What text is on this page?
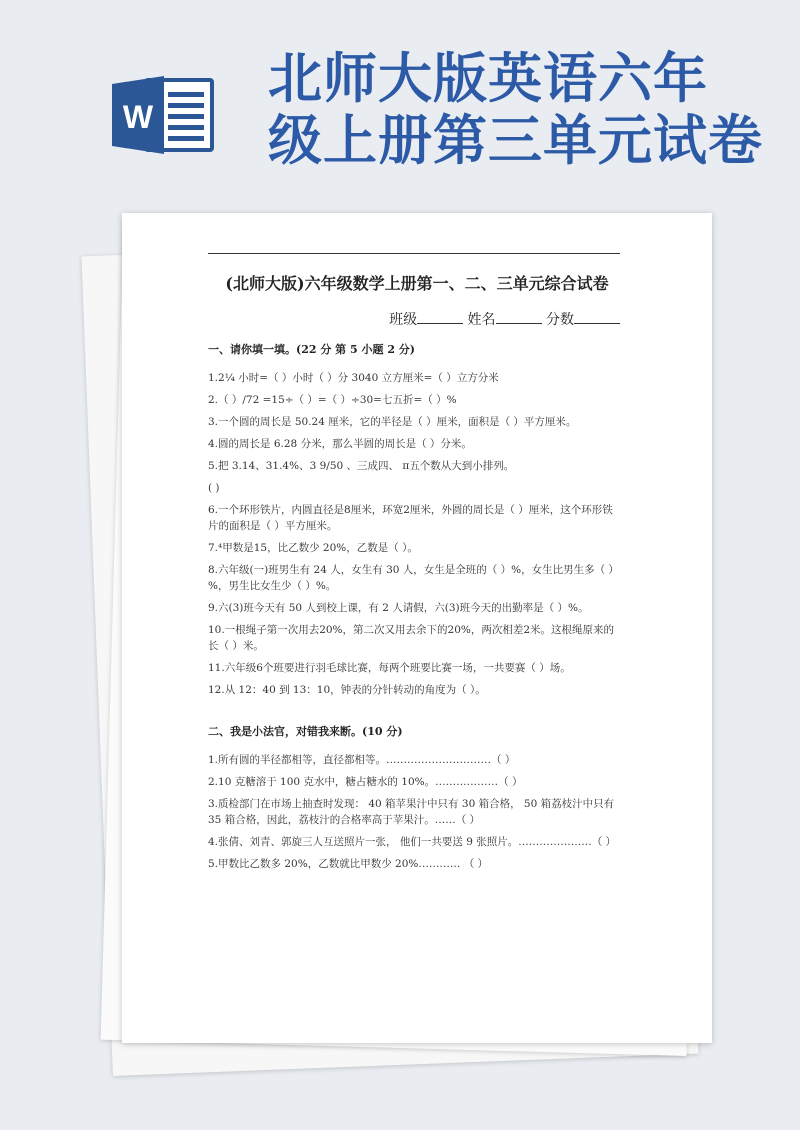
W
北师大版英语六年
级上册第三单元试卷
(北师大版)六年级数学上册第一、二、三单元综合试卷
班级	姓名	分数
一、请你填一填。(22 分 第 5 小题 2 分)

1.2¼ 小时=（ ）小时（ ）分 3040 立方厘米=（ ）立方分米

2.（ ）/72 =15÷（ ）=（ ）÷30=七五折=（ ）%

3.一个圆的周长是 50.24 厘米，它的半径是（ ）厘米，面积是（ ）平方厘米。

4.圆的周长是 6.28 分米，那么半圆的周长是（ ）分米。

5.把 3.14、31.4%、3 9/50 、三成四、 π五个数从大到小排列。

( )

6.一个环形铁片，内圆直径是8厘米，环宽2厘米，外圆的周长是（ ）厘米，这个环形铁片的面积是（ ）平方厘米。

7.⁴甲数是15，比乙数少 20%，乙数是（ ）。

8.六年级(一)班男生有 24 人，女生有 30 人，女生是全班的（ ）%，女生比男生多（ ）%，男生比女生少（ ）%。

9.六(3)班今天有 50 人到校上课，有 2 人请假，六(3)班今天的出勤率是（ ）%。

10.一根绳子第一次用去20%，第二次又用去余下的20%，两次相差2米。这根绳原来的长（ ）米。

11.六年级6个班要进行羽毛球比赛，每两个班要比赛一场，一共要赛（ ）场。

12.从 12：40 到 13：10，钟表的分针转动的角度为（ ）。

二、我是小法官，对错我来断。(10 分)

1.所有圆的半径都相等，直径都相等。…………………………（ ）

2.10 克糖溶于 100 克水中，糖占糖水的 10%。………………（ ）

3.质检部门在市场上抽查时发现： 40 箱苹果汁中只有 30 箱合格， 50 箱荔枝汁中只有 35 箱合格，因此，荔枝汁的合格率高于苹果汁。……（ ）

4.张倩、刘青、郭旋三人互送照片一张， 他们一共要送 9 张照片。…………………（ ）

5.甲数比乙数多 20%，乙数就比甲数少 20%………… （ ）
